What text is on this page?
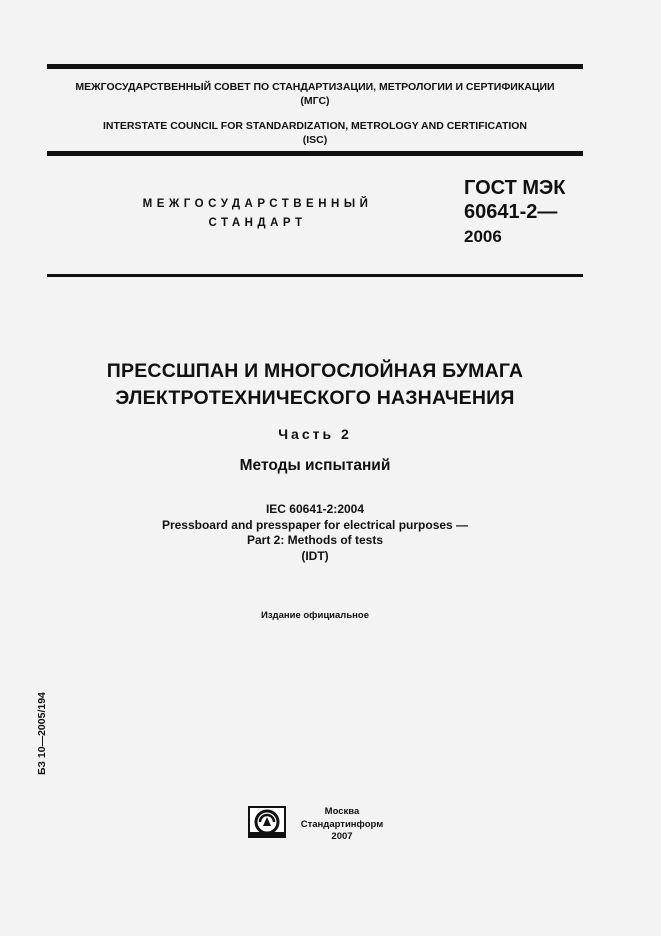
МЕЖГОСУДАРСТВЕННЫЙ СОВЕТ ПО СТАНДАРТИЗАЦИИ, МЕТРОЛОГИИ И СЕРТИФИКАЦИИ
(МГС)
INTERSTATE COUNCIL FOR STANDARDIZATION, METROLOGY AND CERTIFICATION
(ISC)
МЕЖГОСУДАРСТВЕННЫЙ
СТАНДАРТ
ГОСТ МЭК
60641-2—
2006
ПРЕССШПАН И МНОГОСЛОЙНАЯ БУМАГА
ЭЛЕКТРОТЕХНИЧЕСКОГО НАЗНАЧЕНИЯ
Часть 2
Методы испытаний
IEC 60641-2:2004
Pressboard and presspaper for electrical purposes —
Part 2: Methods of tests
(IDT)
Издание официальное
БЗ 10—2005/194
Москва
Стандартинформ
2007
